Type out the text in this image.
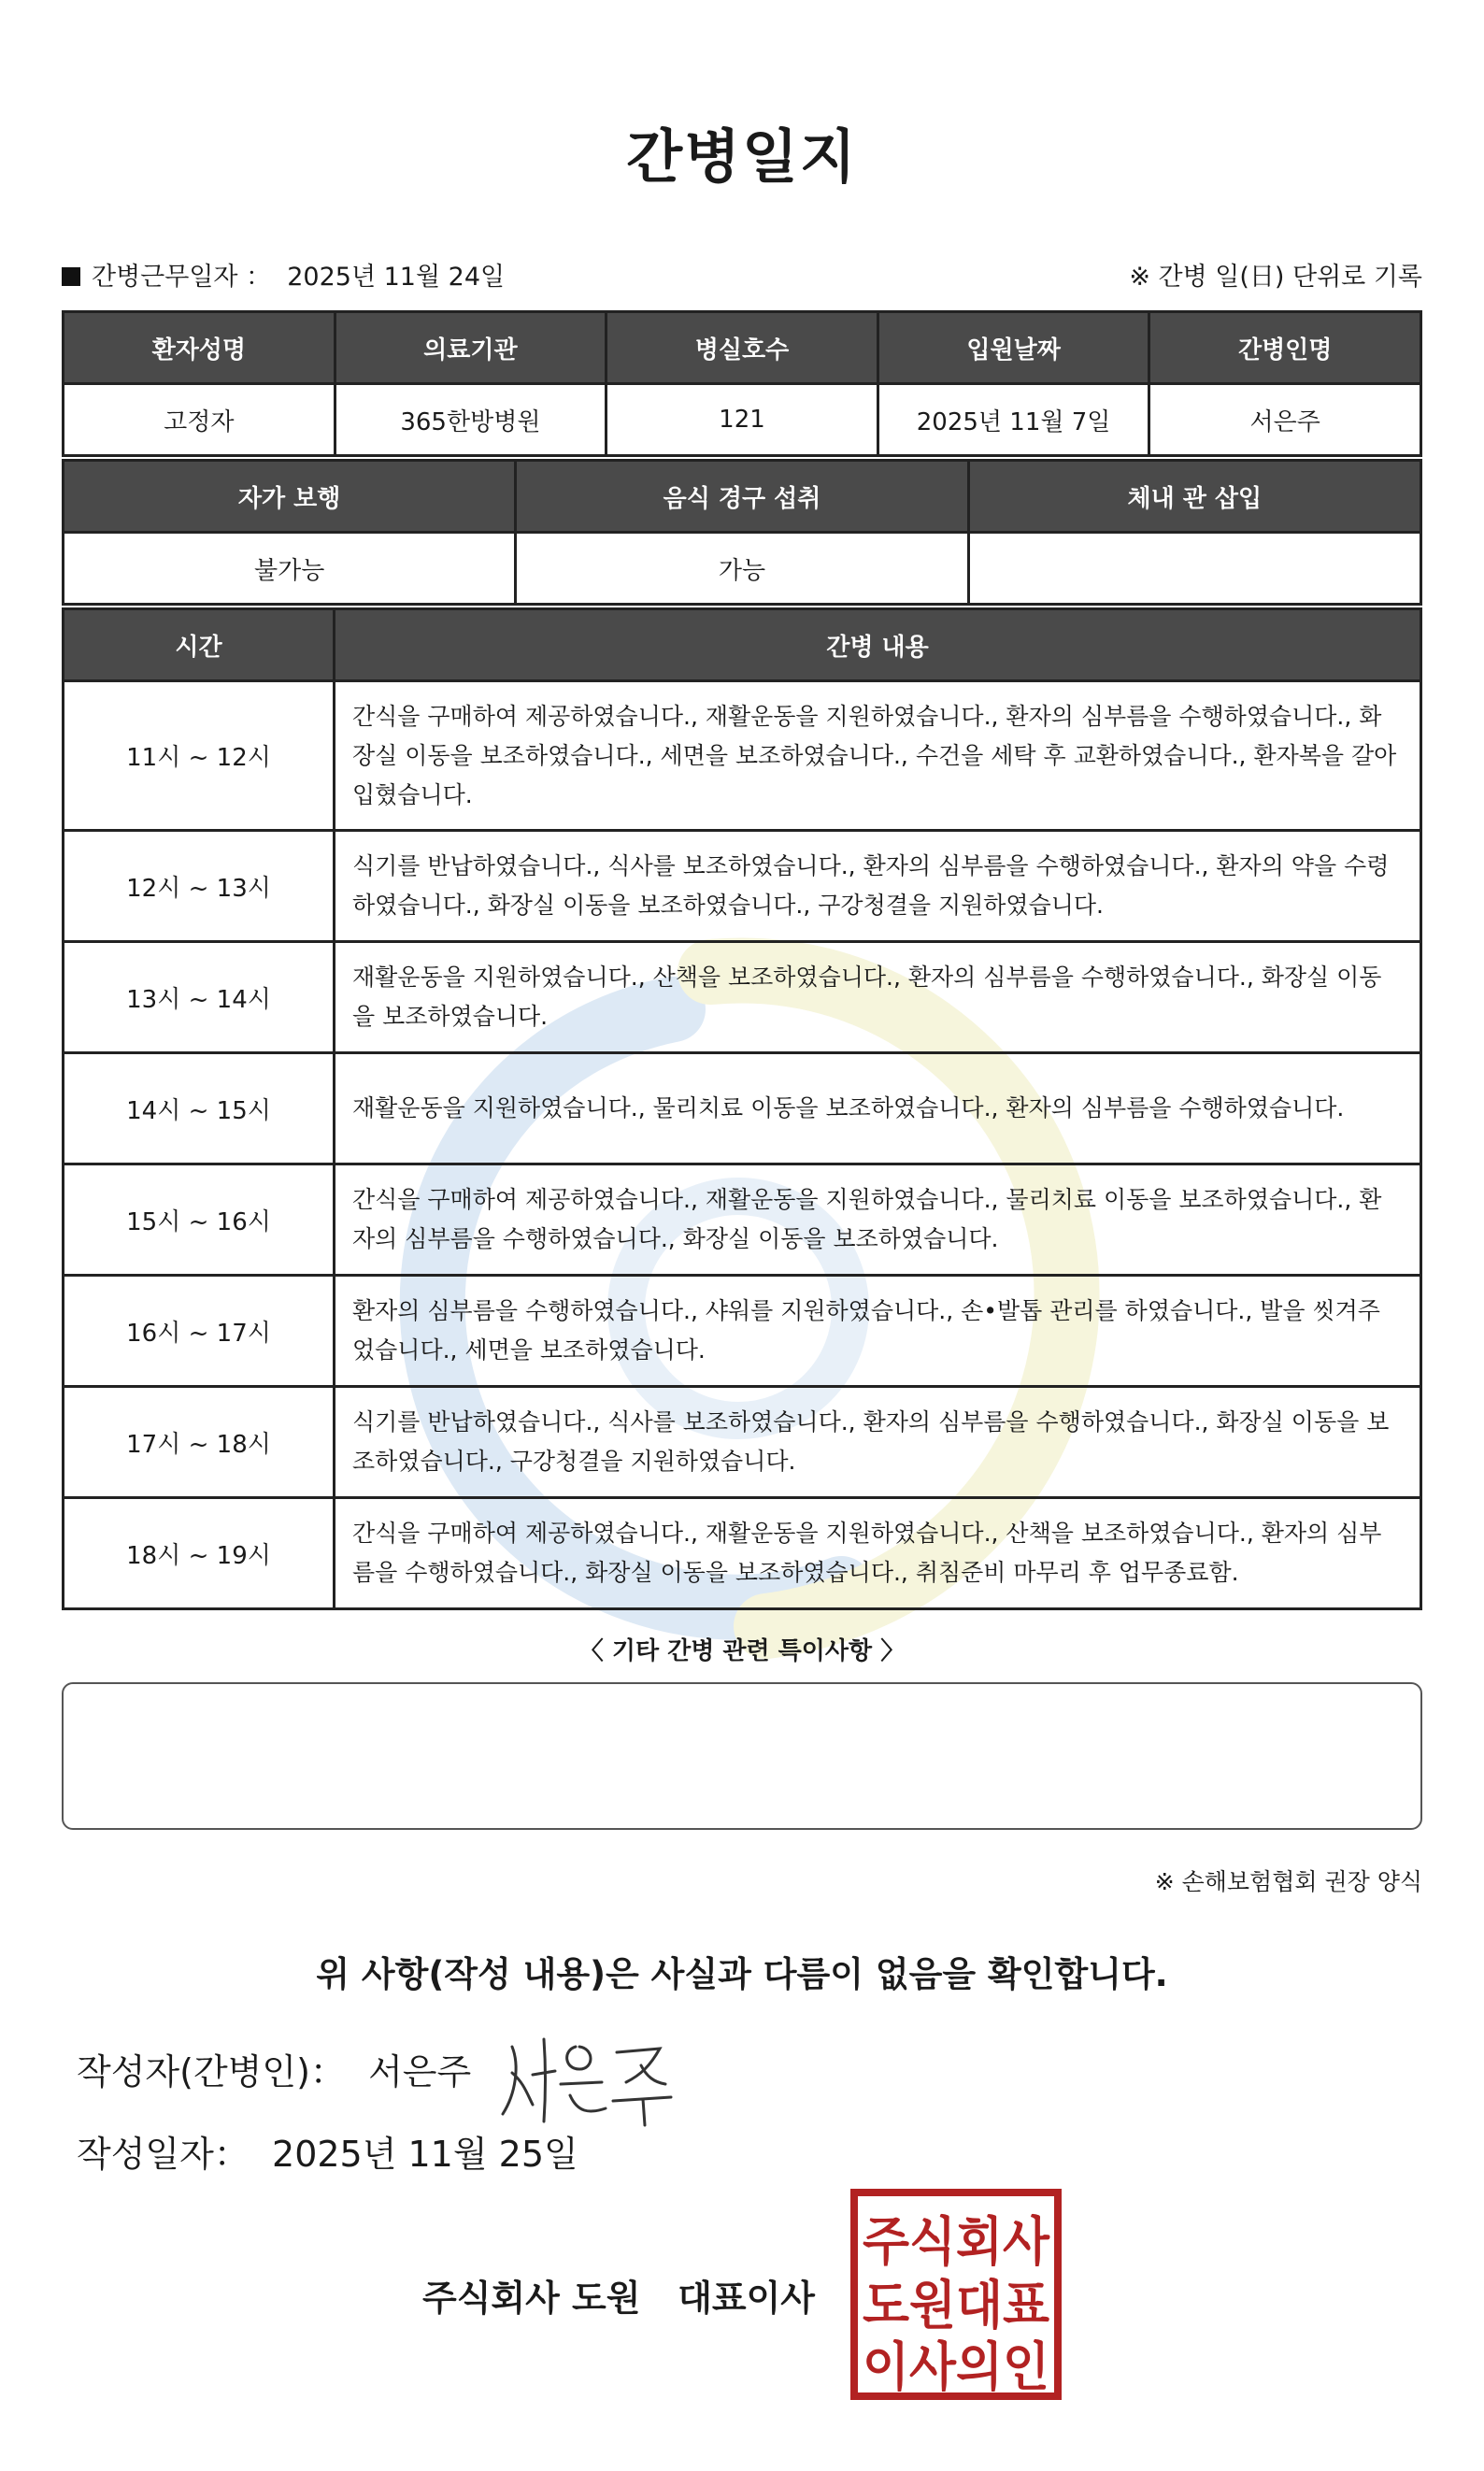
간병일지
간병근무일자 ： 2025년 11월 24일	※ 간병 일(日) 단위로 기록
환자성명	의료기관	병실호수	입원날짜	간병인명
고정자	365한방병원	121	2025년 11월 7일	서은주
자가 보행	음식 경구 섭취	체내 관 삽입
불가능	가능	
시간	간병 내용
11시 ~ 12시	간식을 구매하여 제공하였습니다., 재활운동을 지원하였습니다., 환자의 심부름을 수행하였습니다., 화장실 이동을 보조하였습니다., 세면을 보조하였습니다., 수건을 세탁 후 교환하였습니다., 환자복을 갈아입혔습니다.
12시 ~ 13시	식기를 반납하였습니다., 식사를 보조하였습니다., 환자의 심부름을 수행하였습니다., 환자의 약을 수령하였습니다., 화장실 이동을 보조하였습니다., 구강청결을 지원하였습니다.
13시 ~ 14시	재활운동을 지원하였습니다., 산책을 보조하였습니다., 환자의 심부름을 수행하였습니다., 화장실 이동을 보조하였습니다.
14시 ~ 15시	재활운동을 지원하였습니다., 물리치료 이동을 보조하였습니다., 환자의 심부름을 수행하였습니다.
15시 ~ 16시	간식을 구매하여 제공하였습니다., 재활운동을 지원하였습니다., 물리치료 이동을 보조하였습니다., 환자의 심부름을 수행하였습니다., 화장실 이동을 보조하였습니다.
16시 ~ 17시	환자의 심부름을 수행하였습니다., 샤워를 지원하였습니다., 손•발톱 관리를 하였습니다., 발을 씻겨주었습니다., 세면을 보조하였습니다.
17시 ~ 18시	식기를 반납하였습니다., 식사를 보조하였습니다., 환자의 심부름을 수행하였습니다., 화장실 이동을 보조하였습니다., 구강청결을 지원하였습니다.
18시 ~ 19시	간식을 구매하여 제공하였습니다., 재활운동을 지원하였습니다., 산책을 보조하였습니다., 환자의 심부름을 수행하였습니다., 화장실 이동을 보조하였습니다., 취침준비 마무리 후 업무종료함.
〈 기타 간병 관련 특이사항 〉
※ 손해보험협회 권장 양식
위 사항(작성 내용)은 사실과 다름이 없음을 확인합니다.
작성자(간병인)： 서은주
작성일자： 2025년 11월 25일
주식회사 도원 대표이사
주식회사
도원대표
이사의인
